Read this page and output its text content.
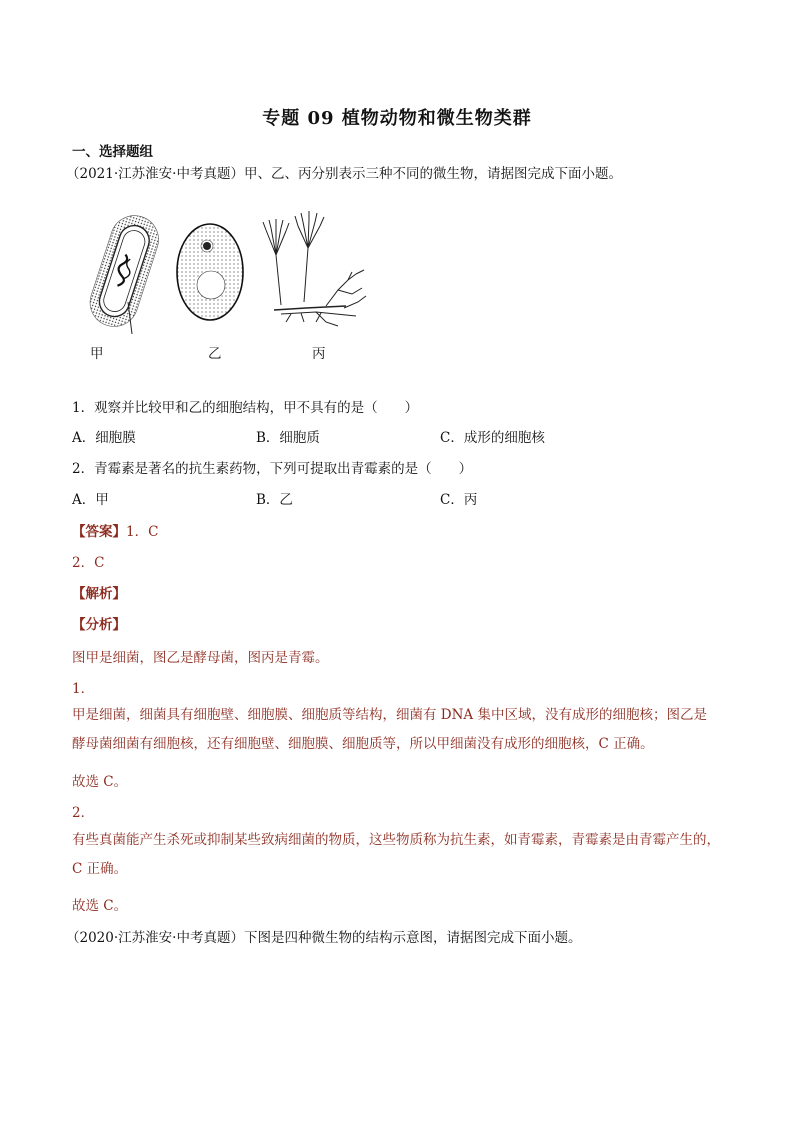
专题 09 植物动物和微生物类群
一、选择题组
（2021·江苏淮安·中考真题）甲、乙、丙分别表示三种不同的微生物，请据图完成下面小题。
甲	乙	丙
1．观察并比较甲和乙的细胞结构，甲不具有的是（　　）
A．细胞膜	B．细胞质	C．成形的细胞核
2．青霉素是著名的抗生素药物，下列可提取出青霉素的是（　　）
A．甲	B．乙	C．丙
【答案】1．C
2．C
【解析】
【分析】
图甲是细菌，图乙是酵母菌，图丙是青霉。
1．
甲是细菌，细菌具有细胞壁、细胞膜、细胞质等结构，细菌有 DNA 集中区域，没有成形的细胞核；图乙是酵母菌细菌有细胞核，还有细胞壁、细胞膜、细胞质等，所以甲细菌没有成形的细胞核，C 正确。
故选 C。
2．
有些真菌能产生杀死或抑制某些致病细菌的物质，这些物质称为抗生素，如青霉素，青霉素是由青霉产生的，C 正确。
故选 C。
（2020·江苏淮安·中考真题）下图是四种微生物的结构示意图，请据图完成下面小题。
